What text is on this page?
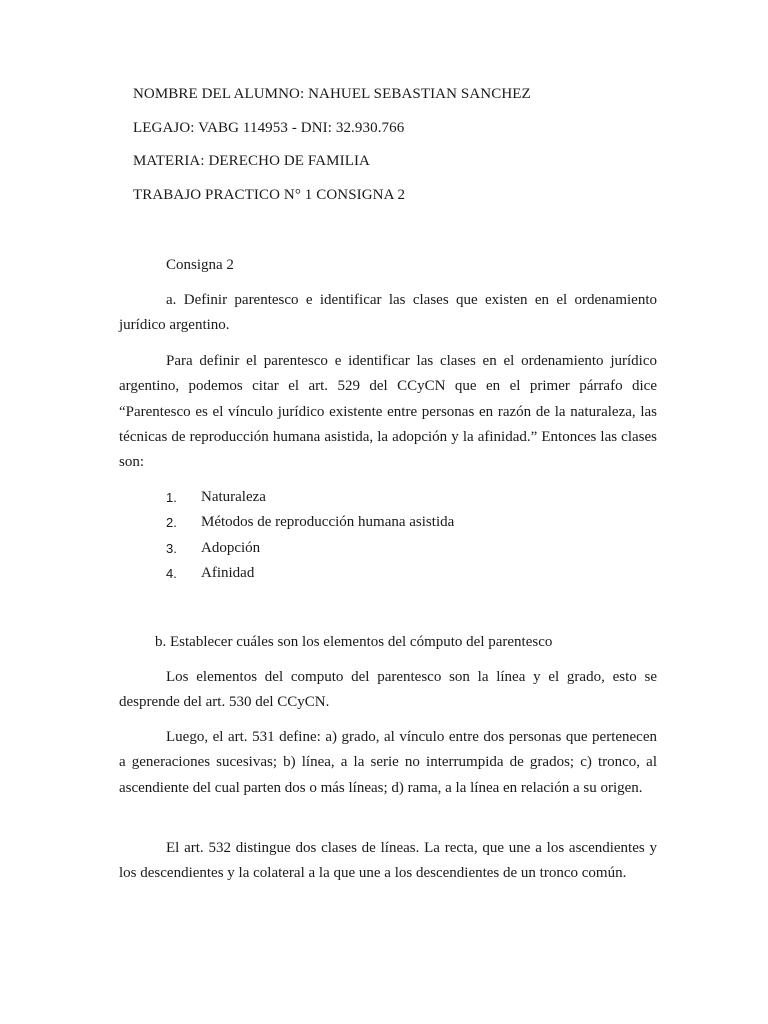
NOMBRE DEL ALUMNO: NAHUEL SEBASTIAN SANCHEZ
LEGAJO: VABG 114953 - DNI: 32.930.766
MATERIA: DERECHO DE FAMILIA
TRABAJO PRACTICO N° 1 CONSIGNA 2
Consigna 2

a. Definir parentesco e identificar las clases que existen en el ordenamiento jurídico argentino.

Para definir el parentesco e identificar las clases en el ordenamiento jurídico argentino, podemos citar el art. 529 del CCyCN que en el primer párrafo dice “Parentesco es el vínculo jurídico existente entre personas en razón de la naturaleza, las técnicas de reproducción humana asistida, la adopción y la afinidad.” Entonces las clases son:

1.	Naturaleza
2.	Métodos de reproducción humana asistida
3.	Adopción
4.	Afinidad

b. Establecer cuáles son los elementos del cómputo del parentesco

Los elementos del computo del parentesco son la línea y el grado, esto se desprende del art. 530 del CCyCN.

Luego, el art. 531 define: a) grado, al vínculo entre dos personas que pertenecen a generaciones sucesivas; b) línea, a la serie no interrumpida de grados; c) tronco, al ascendiente del cual parten dos o más líneas; d) rama, a la línea en relación a su origen.

El art. 532 distingue dos clases de líneas. La recta, que une a los ascendientes y los descendientes y la colateral a la que une a los descendientes de un tronco común.
